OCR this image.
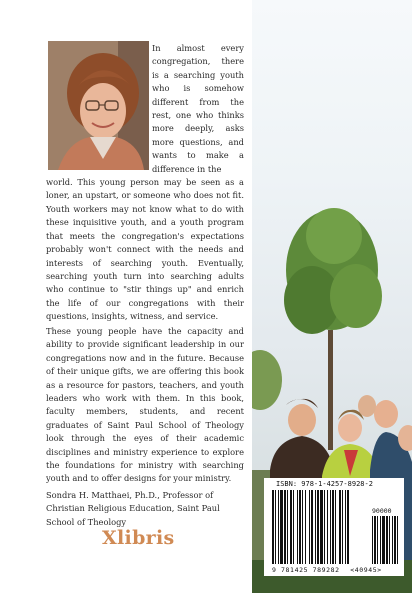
In almost every congregation, there is a searching youth who is somehow different from the rest, one who thinks more deeply, asks more questions, and wants to make a difference in the
world. This young person may be seen as a loner, an upstart, or someone who does not fit. Youth workers may not know what to do with these inquisitive youth, and a youth program that meets the congregation's expectations probably won't connect with the needs and interests of searching youth. Eventually, searching youth turn into searching adults who continue to "stir things up" and enrich the life of our congregations with their questions, insights, witness, and service.
These young people have the capacity and ability to provide significant leadership in our congregations now and in the future. Because of their unique gifts, we are offering this book as a resource for pastors, teachers, and youth leaders who work with them. In this book, faculty members, students, and recent graduates of Saint Paul School of Theology look through the eyes of their academic disciplines and ministry experience to explore the foundations for ministry with searching youth and to offer designs for your ministry.
Sondra H. Matthaei, Ph.D., Professor of Christian Religious Education, Saint Paul School of Theology
Xlibris
ISBN: 978-1-4257-8928-2
90000
9 781425 789282 <40945>
